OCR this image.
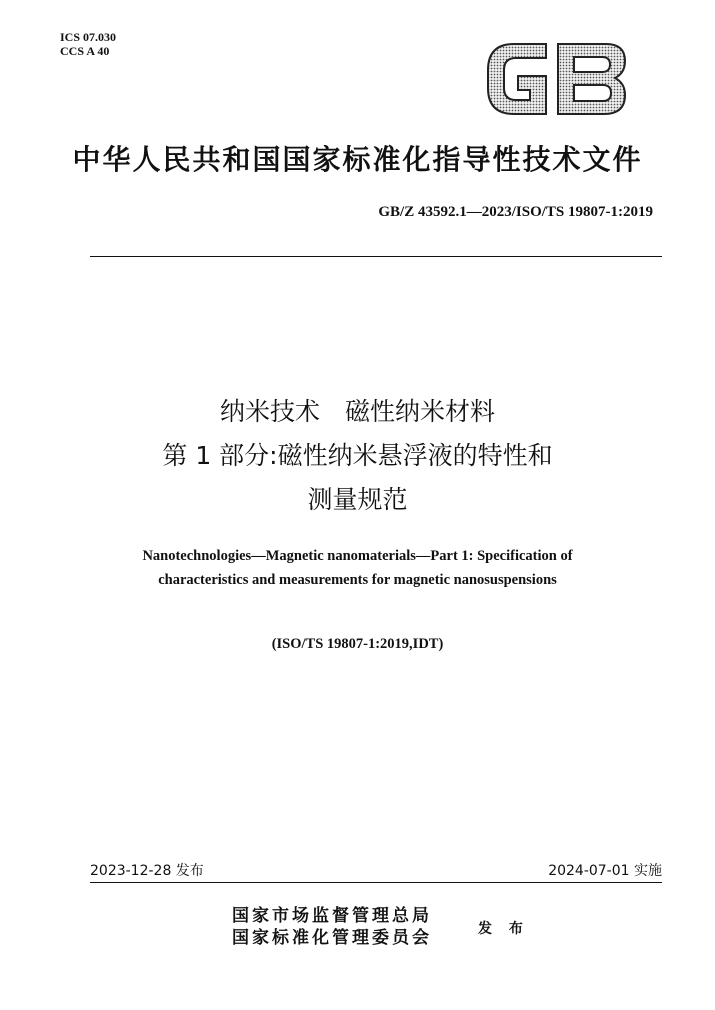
ICS 07.030
CCS A 40
中华人民共和国国家标准化指导性技术文件
GB/Z 43592.1—2023/ISO/TS 19807-1:2019
纳米技术　磁性纳米材料
第 1 部分:磁性纳米悬浮液的特性和
测量规范
Nanotechnologies—Magnetic nanomaterials—Part 1: Specification of
characteristics and measurements for magnetic nanosuspensions
(ISO/TS 19807-1:2019,IDT)
2023-12-28 发布	2024-07-01 实施
国家市场监督管理总局
国家标准化管理委员会	发 布
